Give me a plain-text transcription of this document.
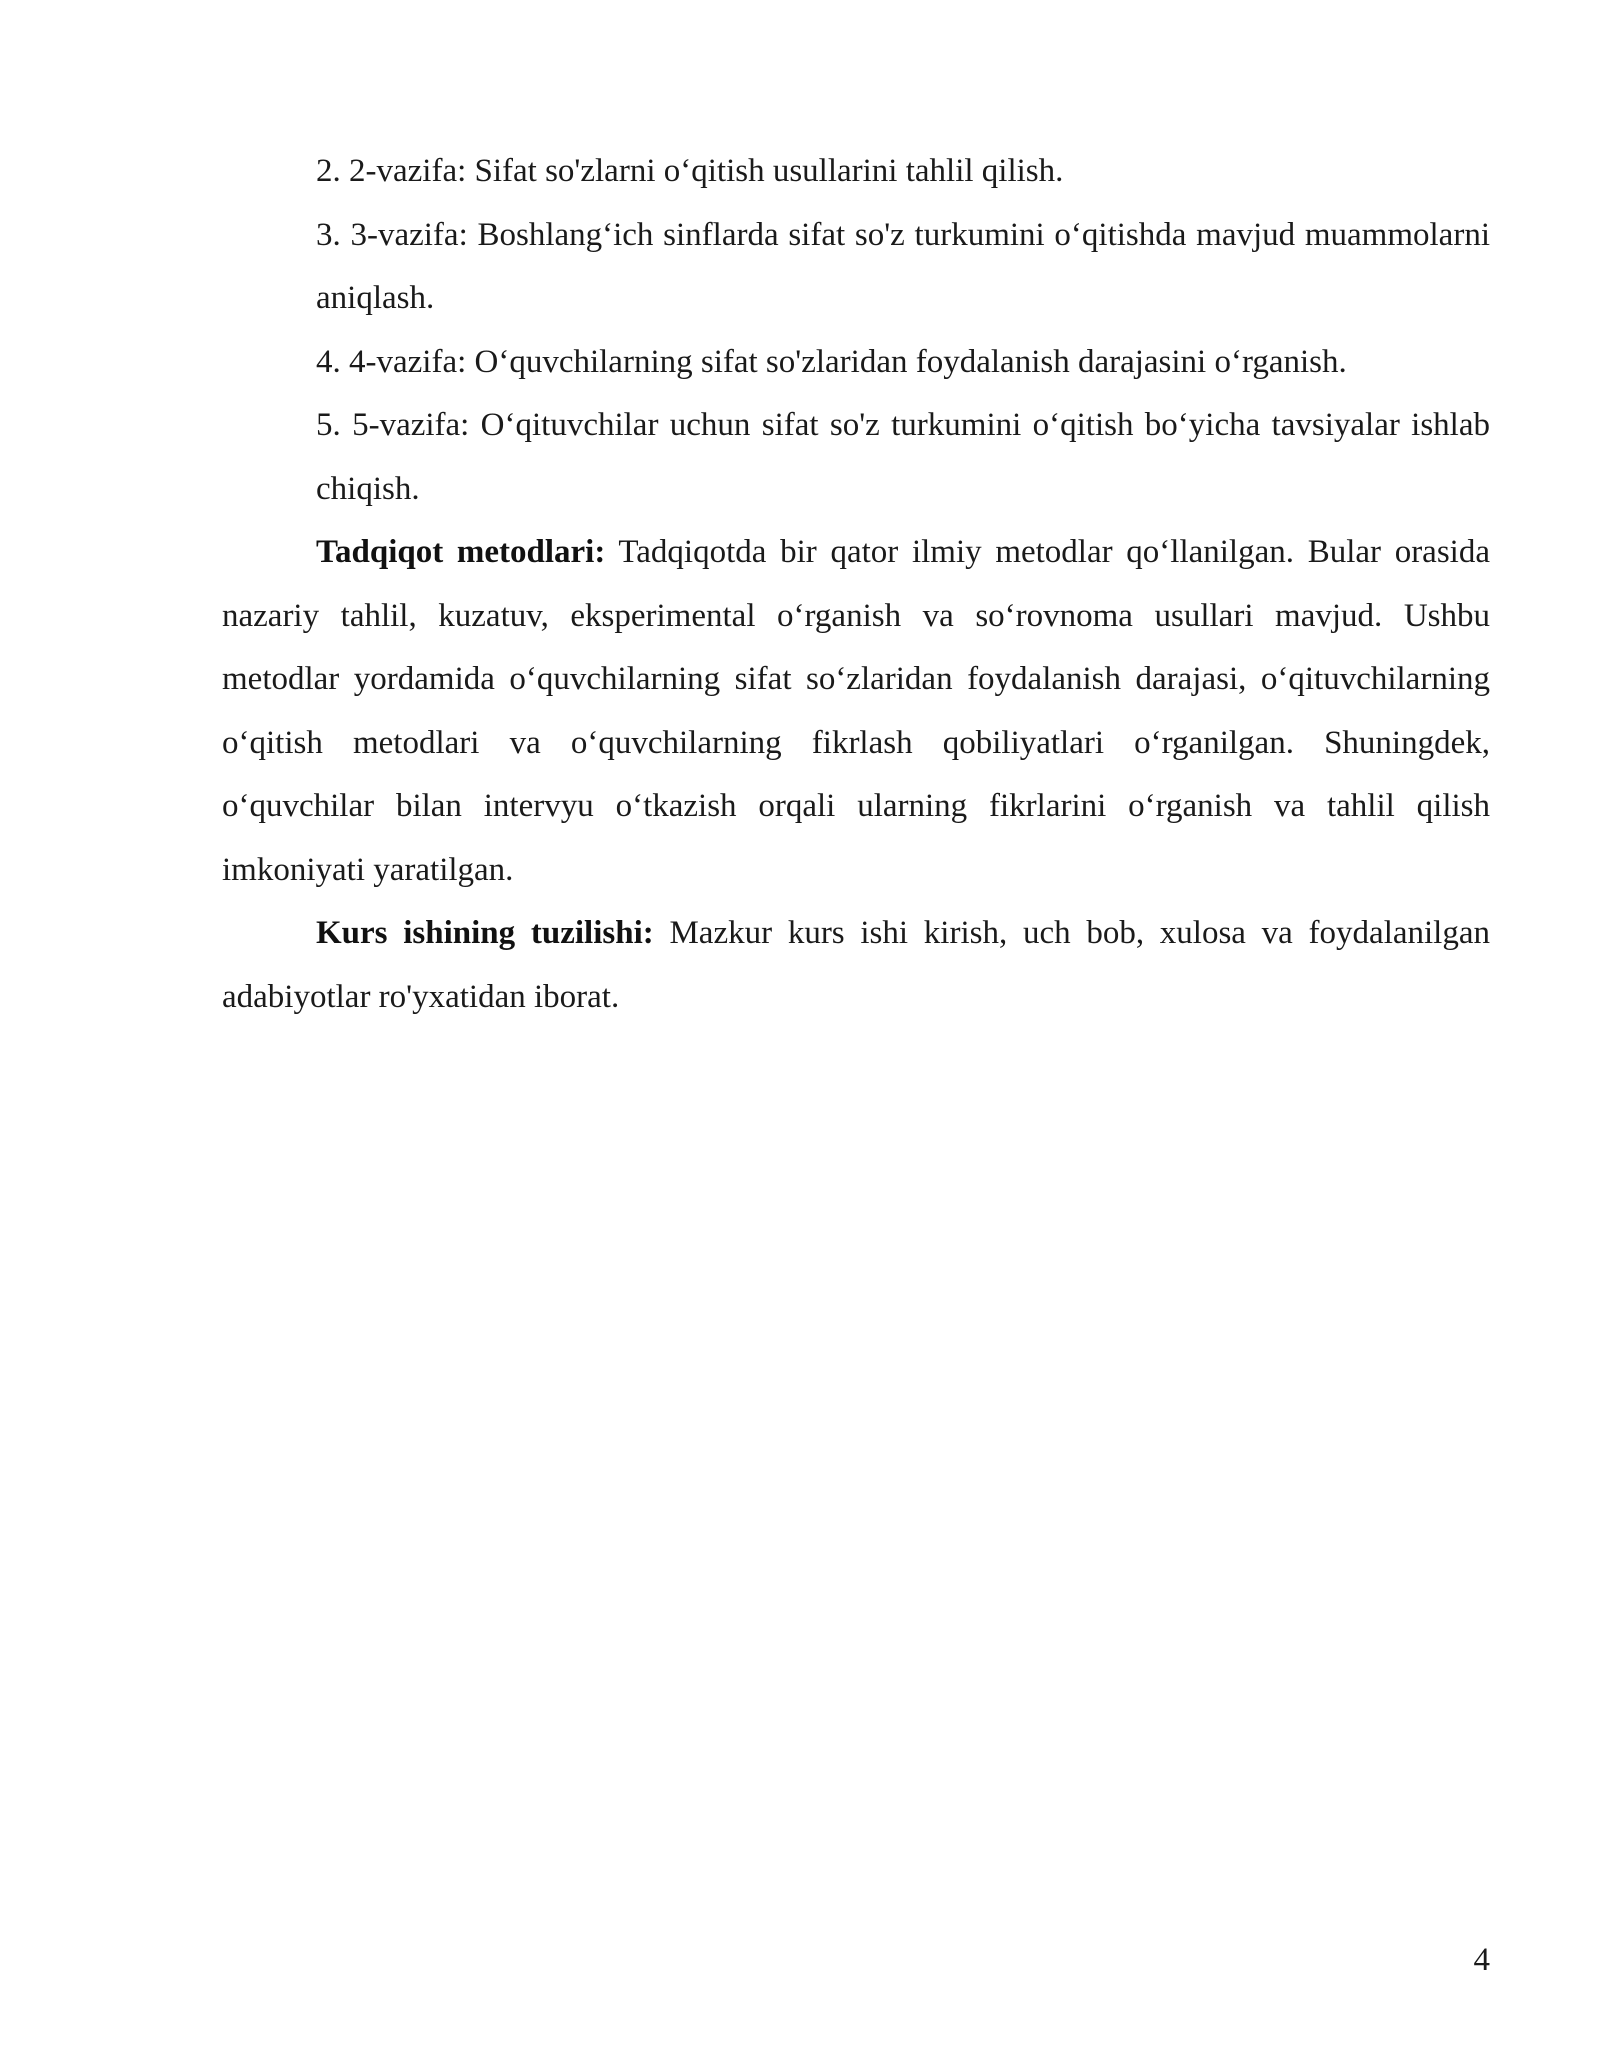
2. 2-vazifa: Sifat so'zlarni o‘qitish usullarini tahlil qilish.

3. 3-vazifa: Boshlang‘ich sinflarda sifat so'z turkumini o‘qitishda mavjud muammolarni aniqlash.

4. 4-vazifa: O‘quvchilarning sifat so'zlaridan foydalanish darajasini o‘rganish.

5. 5-vazifa: O‘qituvchilar uchun sifat so'z turkumini o‘qitish bo‘yicha tavsiyalar ishlab chiqish.

Tadqiqot metodlari: Tadqiqotda bir qator ilmiy metodlar qo‘llanilgan. Bular orasida nazariy tahlil, kuzatuv, eksperimental o‘rganish va so‘rovnoma usullari mavjud. Ushbu metodlar yordamida o‘quvchilarning sifat so‘zlaridan foydalanish darajasi, o‘qituvchilarning o‘qitish metodlari va o‘quvchilarning fikrlash qobiliyatlari o‘rganilgan. Shuningdek, o‘quvchilar bilan intervyu o‘tkazish orqali ularning fikrlarini o‘rganish va tahlil qilish imkoniyati yaratilgan.

Kurs ishining tuzilishi: Mazkur kurs ishi kirish, uch bob, xulosa va foydalanilgan adabiyotlar ro'yxatidan iborat.

4
